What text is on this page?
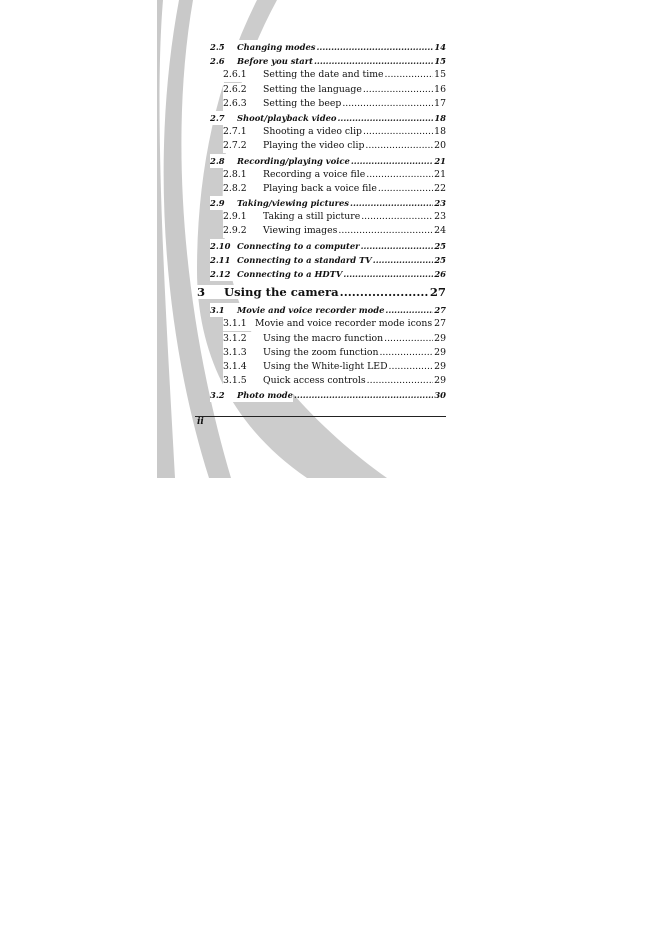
2.5	Changing modes .....	14
2.6	Before you start .....	15
2.6.1	Setting the date and time .....	15
2.6.2	Setting the language .....	16
2.6.3	Setting the beep .....	17
2.7	Shoot/playback video .....	18
2.7.1	Shooting a video clip .....	18
2.7.2	Playing the video clip .....	20
2.8	Recording/playing voice .....	21
2.8.1	Recording a voice file .....	21
2.8.2	Playing back a voice file .....	22
2.9	Taking/viewing pictures .....	23
2.9.1	Taking a still picture .....	23
2.9.2	Viewing images .....	24
2.10 Connecting to a computer .....	25
2.11 Connecting to a standard TV .....	25
2.12 Connecting to a HDTV .....	26
3	Using the camera .....	27
3.1	Movie and voice recorder mode .....	27
3.1.1 Movie and voice recorder mode icons 27
3.1.2	Using the macro function .....	29
3.1.3	Using the zoom function .....	29
3.1.4	Using the White-light LED .....	29
3.1.5	Quick access controls .....	29
3.2	Photo mode .....	30
ii
